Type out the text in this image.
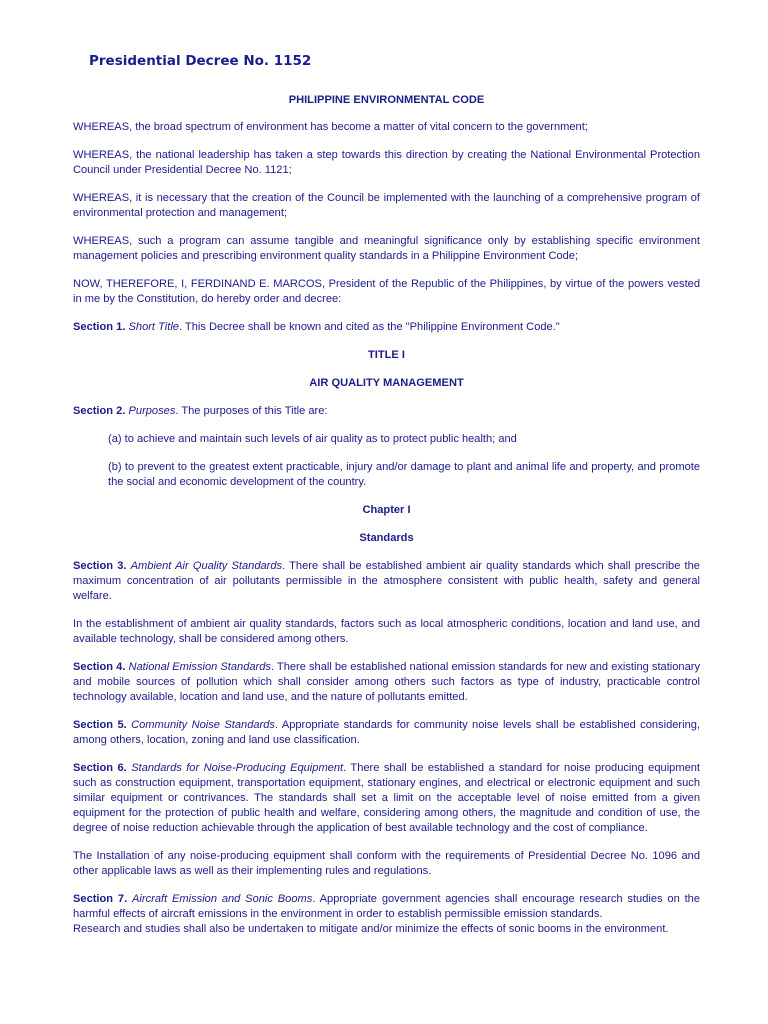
Presidential Decree No. 1152

PHILIPPINE ENVIRONMENTAL CODE

WHEREAS, the broad spectrum of environment has become a matter of vital concern to the government;

WHEREAS, the national leadership has taken a step towards this direction by creating the National Environmental Protection Council under Presidential Decree No. 1121;

WHEREAS, it is necessary that the creation of the Council be implemented with the launching of a comprehensive program of environmental protection and management;

WHEREAS, such a program can assume tangible and meaningful significance only by establishing specific environment management policies and prescribing environment quality standards in a Philippine Environment Code;

NOW, THEREFORE, I, FERDINAND E. MARCOS, President of the Republic of the Philippines, by virtue of the powers vested in me by the Constitution, do hereby order and decree:

Section 1. Short Title. This Decree shall be known and cited as the "Philippine Environment Code."

TITLE I

AIR QUALITY MANAGEMENT

Section 2. Purposes. The purposes of this Title are:

(a) to achieve and maintain such levels of air quality as to protect public health; and

(b) to prevent to the greatest extent practicable, injury and/or damage to plant and animal life and property, and promote the social and economic development of the country.

Chapter I

Standards

Section 3. Ambient Air Quality Standards. There shall be established ambient air quality standards which shall prescribe the maximum concentration of air pollutants permissible in the atmosphere consistent with public health, safety and general welfare.

In the establishment of ambient air quality standards, factors such as local atmospheric conditions, location and land use, and available technology, shall be considered among others.

Section 4. National Emission Standards. There shall be established national emission standards for new and existing stationary and mobile sources of pollution which shall consider among others such factors as type of industry, practicable control technology available, location and land use, and the nature of pollutants emitted.

Section 5. Community Noise Standards. Appropriate standards for community noise levels shall be established considering, among others, location, zoning and land use classification.

Section 6. Standards for Noise-Producing Equipment. There shall be established a standard for noise producing equipment such as construction equipment, transportation equipment, stationary engines, and electrical or electronic equipment and such similar equipment or contrivances. The standards shall set a limit on the acceptable level of noise emitted from a given equipment for the protection of public health and welfare, considering among others, the magnitude and condition of use, the degree of noise reduction achievable through the application of best available technology and the cost of compliance.

The Installation of any noise-producing equipment shall conform with the requirements of Presidential Decree No. 1096 and other applicable laws as well as their implementing rules and regulations.

Section 7. Aircraft Emission and Sonic Booms. Appropriate government agencies shall encourage research studies on the harmful effects of aircraft emissions in the environment in order to establish permissible emission standards.

Research and studies shall also be undertaken to mitigate and/or minimize the effects of sonic booms in the environment.
